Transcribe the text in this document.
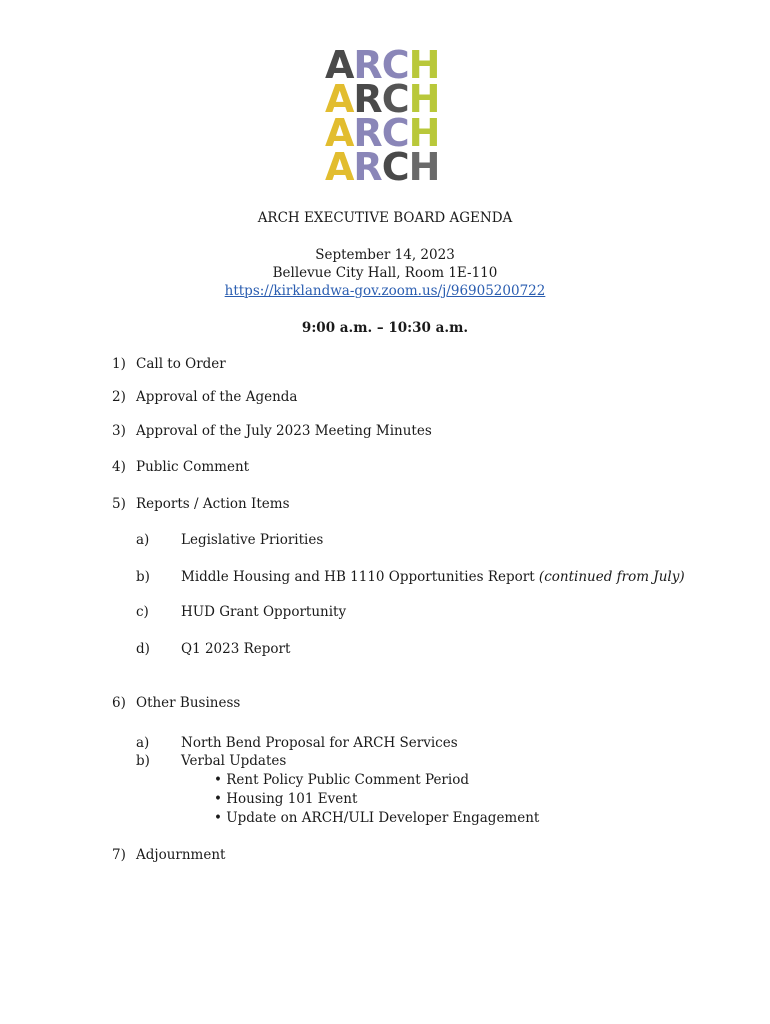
A R C H
A R C H
A R C H
A R C H
ARCH EXECUTIVE BOARD AGENDA
September 14, 2023
Bellevue City Hall, Room 1E-110
https://kirklandwa-gov.zoom.us/j/96905200722
9:00 a.m. – 10:30 a.m.
1) Call to Order
2) Approval of the Agenda
3) Approval of the July 2023 Meeting Minutes
4) Public Comment
5) Reports / Action Items
a) Legislative Priorities
b) Middle Housing and HB 1110 Opportunities Report (continued from July)
c) HUD Grant Opportunity
d) Q1 2023 Report
6) Other Business
a) North Bend Proposal for ARCH Services
b) Verbal Updates
• Rent Policy Public Comment Period
• Housing 101 Event
• Update on ARCH/ULI Developer Engagement
7) Adjournment
